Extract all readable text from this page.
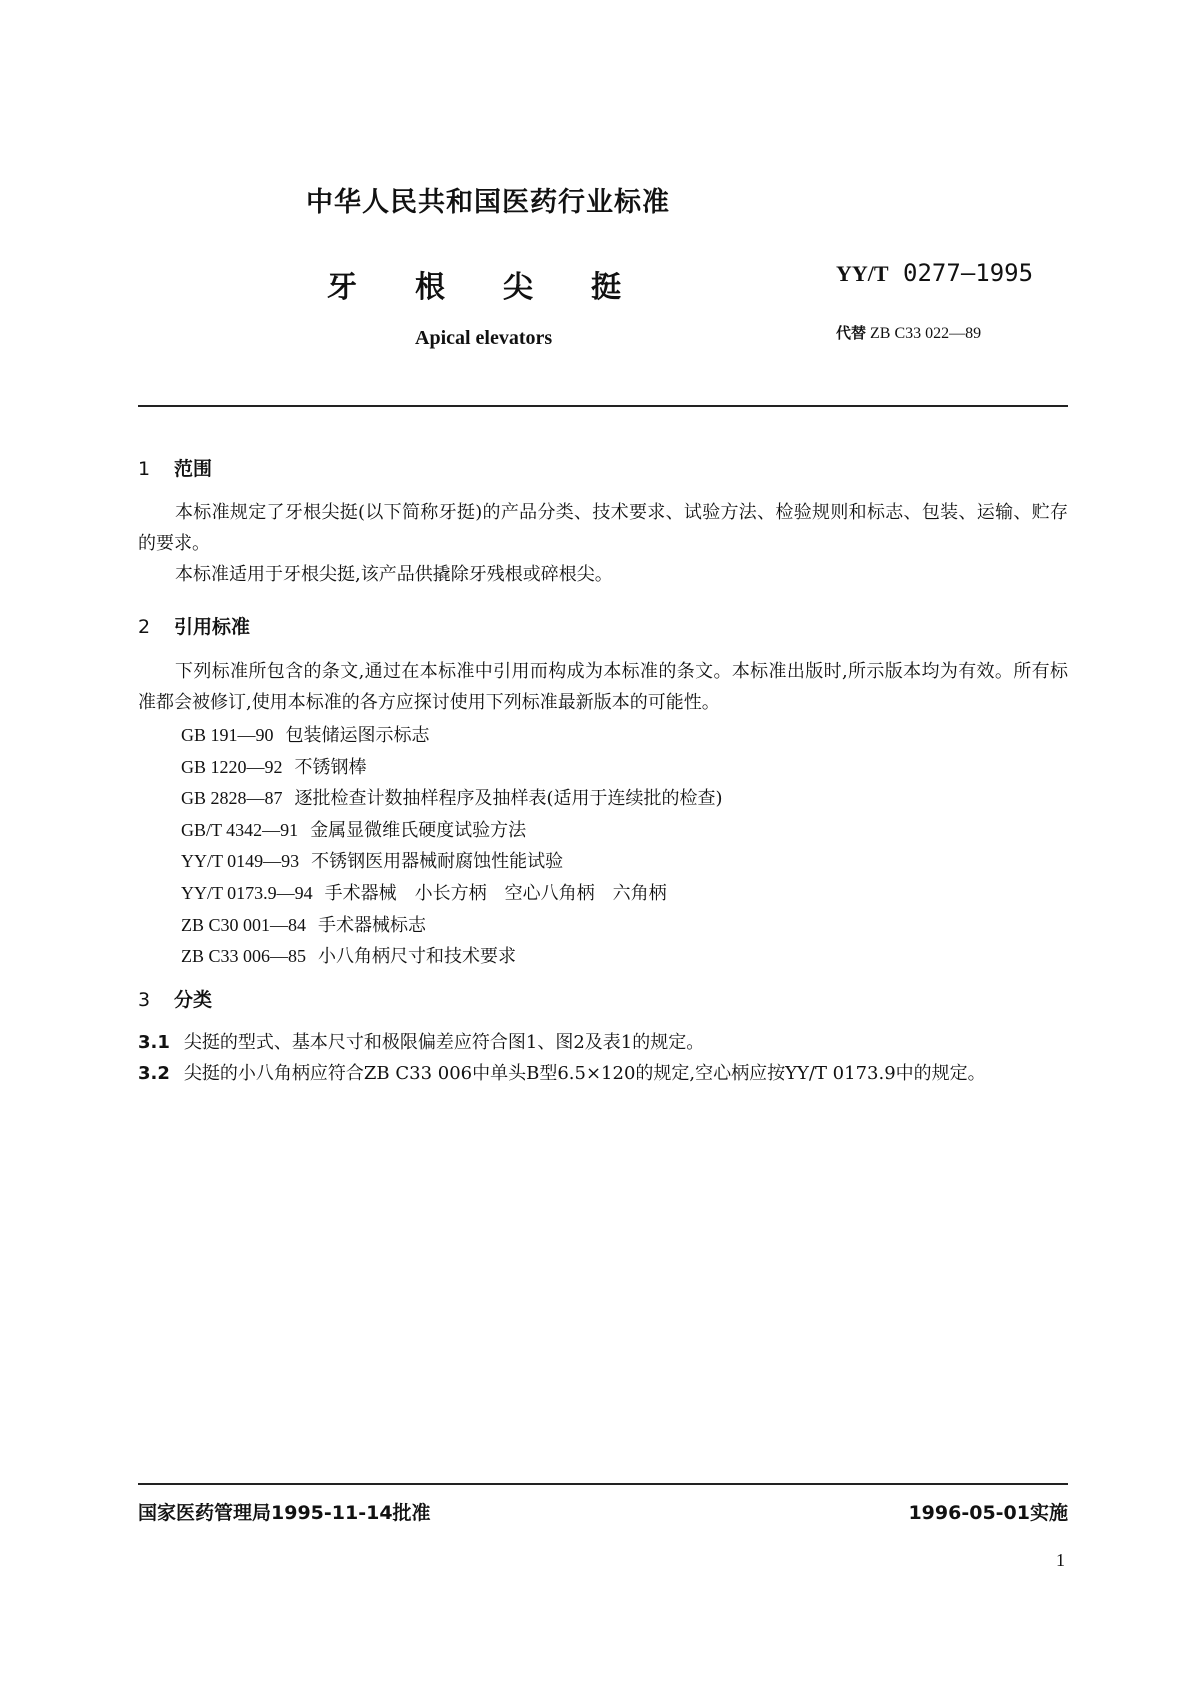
中华人民共和国医药行业标准
牙根尖挺	YY/T 0277—1995
Apical elevators	代替 ZB C33 022—89
1 范围
本标准规定了牙根尖挺(以下简称牙挺)的产品分类、技术要求、试验方法、检验规则和标志、包装、运输、贮存的要求。
本标准适用于牙根尖挺,该产品供撬除牙残根或碎根尖。
2 引用标准
下列标准所包含的条文,通过在本标准中引用而构成为本标准的条文。本标准出版时,所示版本均为有效。所有标准都会被修订,使用本标准的各方应探讨使用下列标准最新版本的可能性。
GB 191—90 包装储运图示标志
GB 1220—92 不锈钢棒
GB 2828—87 逐批检查计数抽样程序及抽样表(适用于连续批的检查)
GB/T 4342—91 金属显微维氏硬度试验方法
YY/T 0149—93 不锈钢医用器械耐腐蚀性能试验
YY/T 0173.9—94 手术器械　小长方柄　空心八角柄　六角柄
ZB C30 001—84 手术器械标志
ZB C33 006—85 小八角柄尺寸和技术要求
3 分类
3.1 尖挺的型式、基本尺寸和极限偏差应符合图1、图2及表1的规定。
3.2 尖挺的小八角柄应符合ZB C33 006中单头B型6.5×120的规定,空心柄应按YY/T 0173.9中的规定。
国家医药管理局1995-11-14批准	1996-05-01实施
1
